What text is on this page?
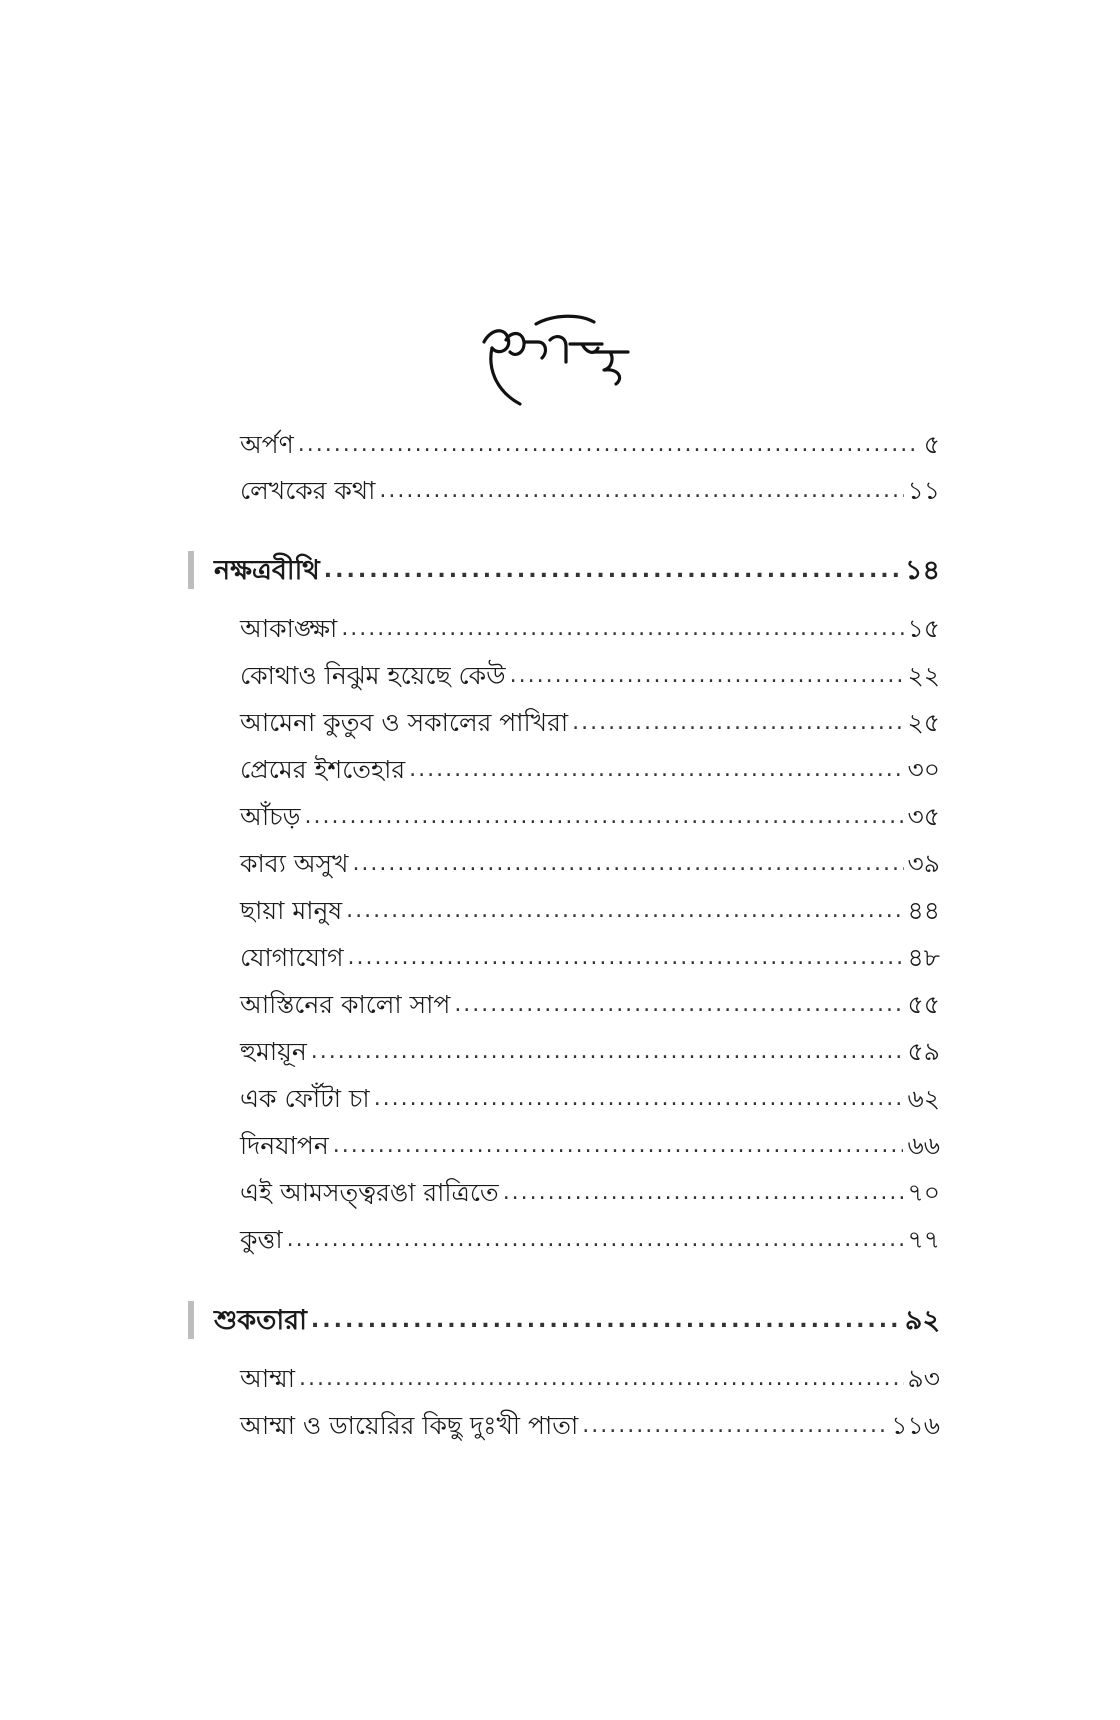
অর্পণ .....	৫
লেখকের কথা .....	১১
নক্ষত্রবীথি .....	১৪
আকাঙ্ক্ষা .....	১৫
কোথাও নিঝুম হয়েছে কেউ .....	২২
আমেনা কুতুব ও সকালের পাখিরা .....	২৫
প্রেমের ইশতেহার .....	৩০
আঁচড় .....	৩৫
কাব্য অসুখ .....	৩৯
ছায়া মানুষ .....	৪৪
যোগাযোগ .....	৪৮
আস্তিনের কালো সাপ .....	৫৫
হুমায়ূন .....	৫৯
এক ফোঁটা চা .....	৬২
দিনযাপন .....	৬৬
এই আমসত্ত্বরঙা রাত্রিতে .....	৭০
কুত্তা .....	৭৭
শুকতারা .....	৯২
আম্মা .....	৯৩
আম্মা ও ডায়েরির কিছু দুঃখী পাতা .....	১১৬
